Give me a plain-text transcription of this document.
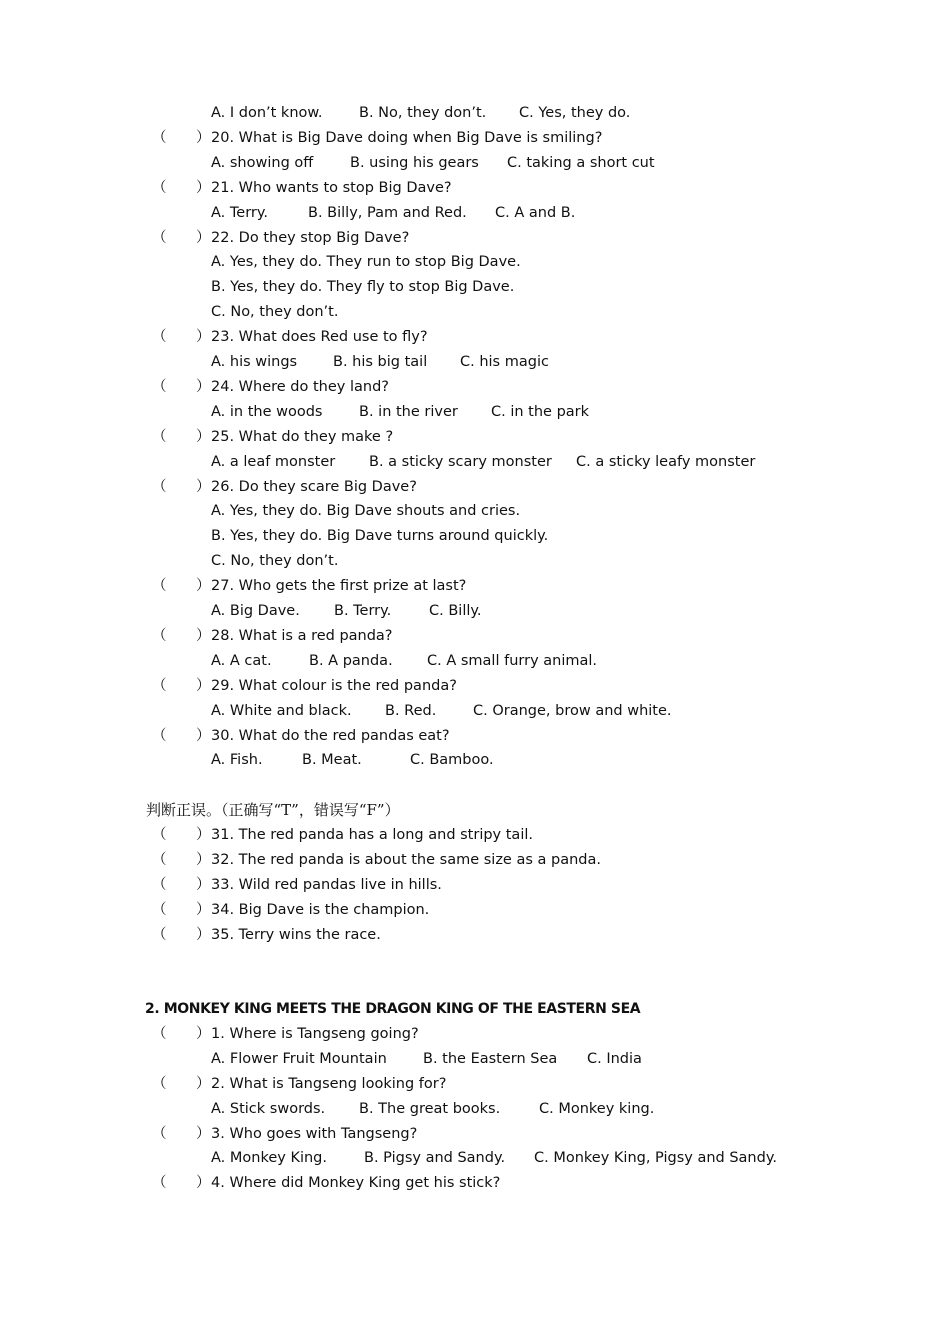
A. I don’t know.	B. No, they don’t. C. Yes, they do.
（ ） 20. What is Big Dave doing when Big Dave is smiling?
A. showing off	B. using his gears C. taking a short cut
（ ） 21. Who wants to stop Big Dave?
A. Terry.	B. Billy, Pam and Red. C. A and B.
（ ） 22. Do they stop Big Dave?
A. Yes, they do. They run to stop Big Dave.
B. Yes, they do. They fly to stop Big Dave.
C. No, they don’t.
（ ） 23. What does Red use to fly?
A. his wings B. his big tail C. his magic
（ ） 24. Where do they land?
A. in the woods	B. in the river C. in the park
（ ） 25. What do they make ?
A. a leaf monster B. a sticky scary monster C. a sticky leafy monster
（ ） 26. Do they scare Big Dave?
A. Yes, they do. Big Dave shouts and cries.
B. Yes, they do. Big Dave turns around quickly.
C. No, they don’t.
（ ） 27. Who gets the first prize at last?
A. Big Dave. B. Terry.	C. Billy.
（ ） 28. What is a red panda?
A. A cat.	B. A panda. C. A small furry animal.
（ ） 29. What colour is the red panda?
A. White and black. B. Red.	C. Orange, brow and white.
（ ） 30. What do the red pandas eat?
A. Fish.	B. Meat.	C. Bamboo.
判断正误。（正确写“T”，错误写“F”）
（ ） 31. The red panda has a long and stripy tail.
（ ） 32. The red panda is about the same size as a panda.
（ ） 33. Wild red pandas live in hills.
（ ） 34. Big Dave is the champion.
（ ） 35. Terry wins the race.
2. MONKEY KING MEETS THE DRAGON KING OF THE EASTERN SEA
（ ） 1. Where is Tangseng going?
A. Flower Fruit Mountain B. the Eastern Sea C. India
（ ） 2. What is Tangseng looking for?
A. Stick swords. B. The great books.	C. Monkey king.
（ ） 3. Who goes with Tangseng?
A. Monkey King.	B. Pigsy and Sandy. C. Monkey King, Pigsy and Sandy.
（ ） 4. Where did Monkey King get his stick?
